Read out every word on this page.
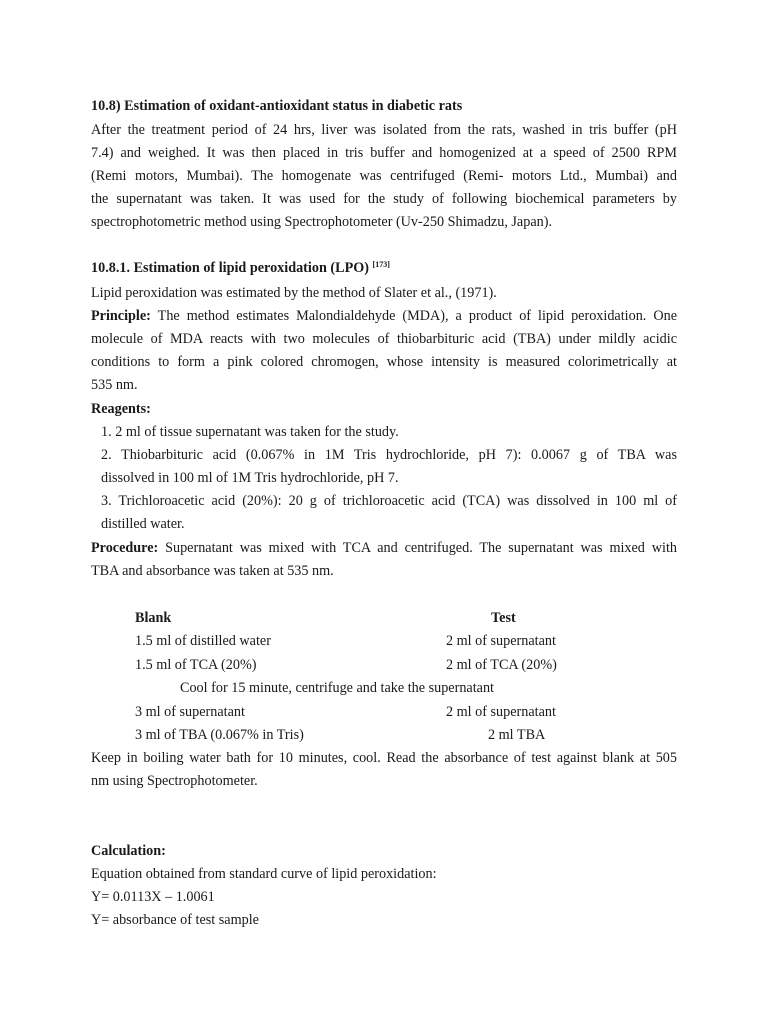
10.8) Estimation of oxidant-antioxidant status in diabetic rats
After the treatment period of 24 hrs, liver was isolated from the rats, washed in tris buffer (pH
7.4) and weighed. It was then placed in tris buffer and homogenized at a speed of 2500 RPM
(Remi motors, Mumbai). The homogenate was centrifuged (Remi- motors Ltd., Mumbai) and
the supernatant was taken. It was used for the study of following biochemical parameters by
spectrophotometric method using Spectrophotometer (Uv-250 Shimadzu, Japan).
10.8.1. Estimation of lipid peroxidation (LPO) [173]
Lipid peroxidation was estimated by the method of Slater et al., (1971).
Principle: The method estimates Malondialdehyde (MDA), a product of lipid peroxidation. One
molecule of MDA reacts with two molecules of thiobarbituric acid (TBA) under mildly acidic
conditions to form a pink colored chromogen, whose intensity is measured colorimetrically at
535 nm.
Reagents:
1. 2 ml of tissue supernatant was taken for the study.
2. Thiobarbituric acid (0.067% in 1M Tris hydrochloride, pH 7): 0.0067 g of TBA was
dissolved in 100 ml of 1M Tris hydrochloride, pH 7.
3. Trichloroacetic acid (20%): 20 g of trichloroacetic acid (TCA) was dissolved in 100 ml of
distilled water.
Procedure: Supernatant was mixed with TCA and centrifuged. The supernatant was mixed with
TBA and absorbance was taken at 535 nm.
Blank	Test
1.5 ml of distilled water	2 ml of supernatant
1.5 ml of TCA (20%)	2 ml of TCA (20%)
Cool for 15 minute, centrifuge and take the supernatant
3 ml of supernatant	2 ml of supernatant
3 ml of TBA (0.067% in Tris)	2 ml TBA
Keep in boiling water bath for 10 minutes, cool. Read the absorbance of test against blank at 505
nm using Spectrophotometer.
Calculation:
Equation obtained from standard curve of lipid peroxidation:
Y= 0.0113X – 1.0061
Y= absorbance of test sample
